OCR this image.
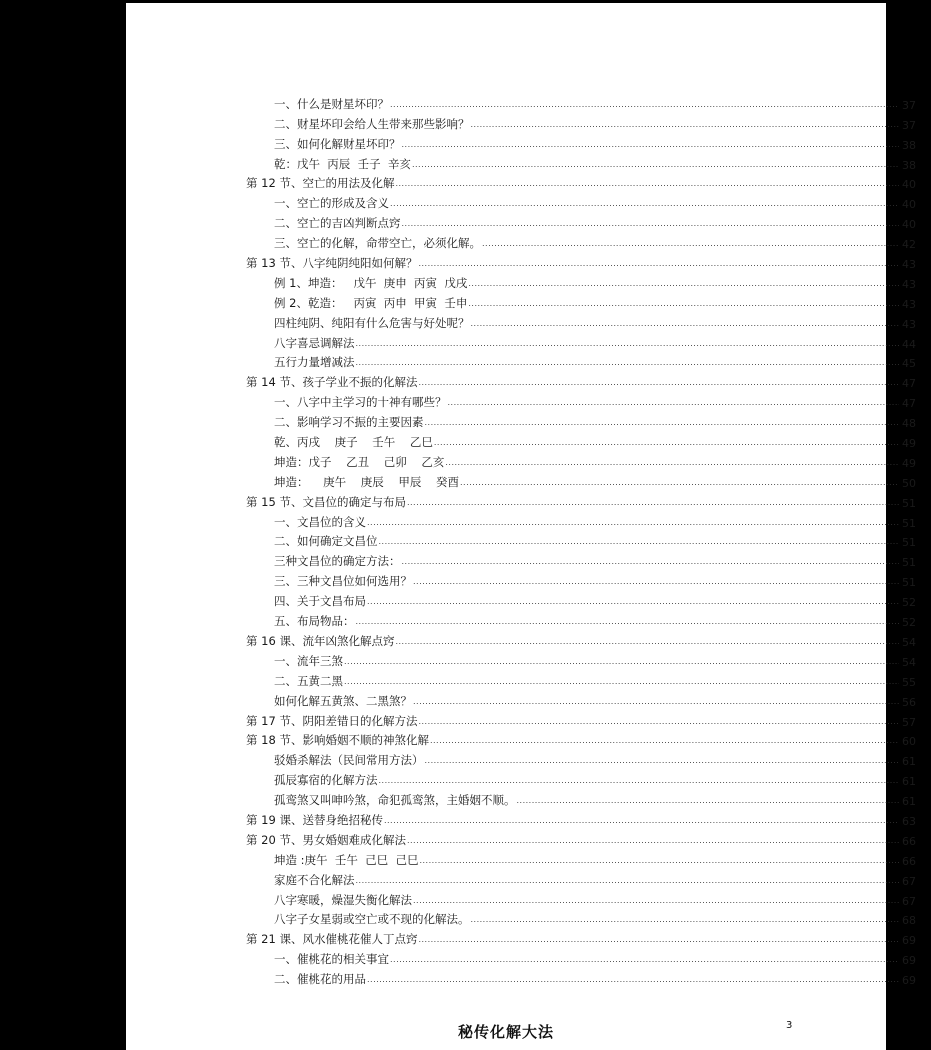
一、什么是财星坏印？ .....	37
二、财星坏印会给人生带来那些影响？ .....	37
三、如何化解财星坏印？ .....	38
乾：戊午  丙辰  壬子  辛亥 .....	38
第 12 节、空亡的用法及化解 .....	40
一、空亡的形成及含义 .....	40
二、空亡的吉凶判断点窍 .....	40
三、空亡的化解，命带空亡，必须化解。 .....	42
第 13 节、八字纯阴纯阳如何解？ .....	43
例 1、坤造：   戊午  庚申  丙寅  戊戌 .....	43
例 2、乾造：   丙寅  丙申  甲寅  壬申 .....	43
四柱纯阴、纯阳有什么危害与好处呢？ .....	43
八字喜忌调解法 .....	44
五行力量增减法 .....	45
第 14 节、孩子学业不振的化解法 .....	47
一、八字中主学习的十神有哪些？ .....	47
二、影响学习不振的主要因素 .....	48
乾、丙戌    庚子    壬午    乙巳 .....	49
坤造：戊子    乙丑    己卯    乙亥 .....	49
坤造：    庚午    庚辰    甲辰    癸酉 .....	50
第 15 节、文昌位的确定与布局 .....	51
一、文昌位的含义 .....	51
二、如何确定文昌位 .....	51
三种文昌位的确定方法： .....	51
三、三种文昌位如何选用？ .....	51
四、关于文昌布局 .....	52
五、布局物品： .....	52
第 16 课、流年凶煞化解点窍 .....	54
一、流年三煞 .....	54
二、五黄二黑 .....	55
如何化解五黄煞、二黑煞？ .....	56
第 17 节、阴阳差错日的化解方法 .....	57
第 18 节、影响婚姻不顺的神煞化解 .....	60
驳婚杀解法（民间常用方法） .....	61
孤辰寡宿的化解方法 .....	61
孤鸾煞又叫呻吟煞，命犯孤鸾煞，主婚姻不顺。 .....	61
第 19 课、送替身绝招秘传 .....	63
第 20 节、男女婚姻难成化解法 .....	66
坤造 :庚午  壬午  己巳  己巳 .....	66
家庭不合化解法 .....	67
八字寒暖，燥湿失衡化解法 .....	67
八字子女星弱或空亡或不现的化解法。 .....	68
第 21 课、风水催桃花催人丁点窍 .....	69
一、催桃花的相关事宜 .....	69
二、催桃花的用品 .....	69
秘传化解大法	3
